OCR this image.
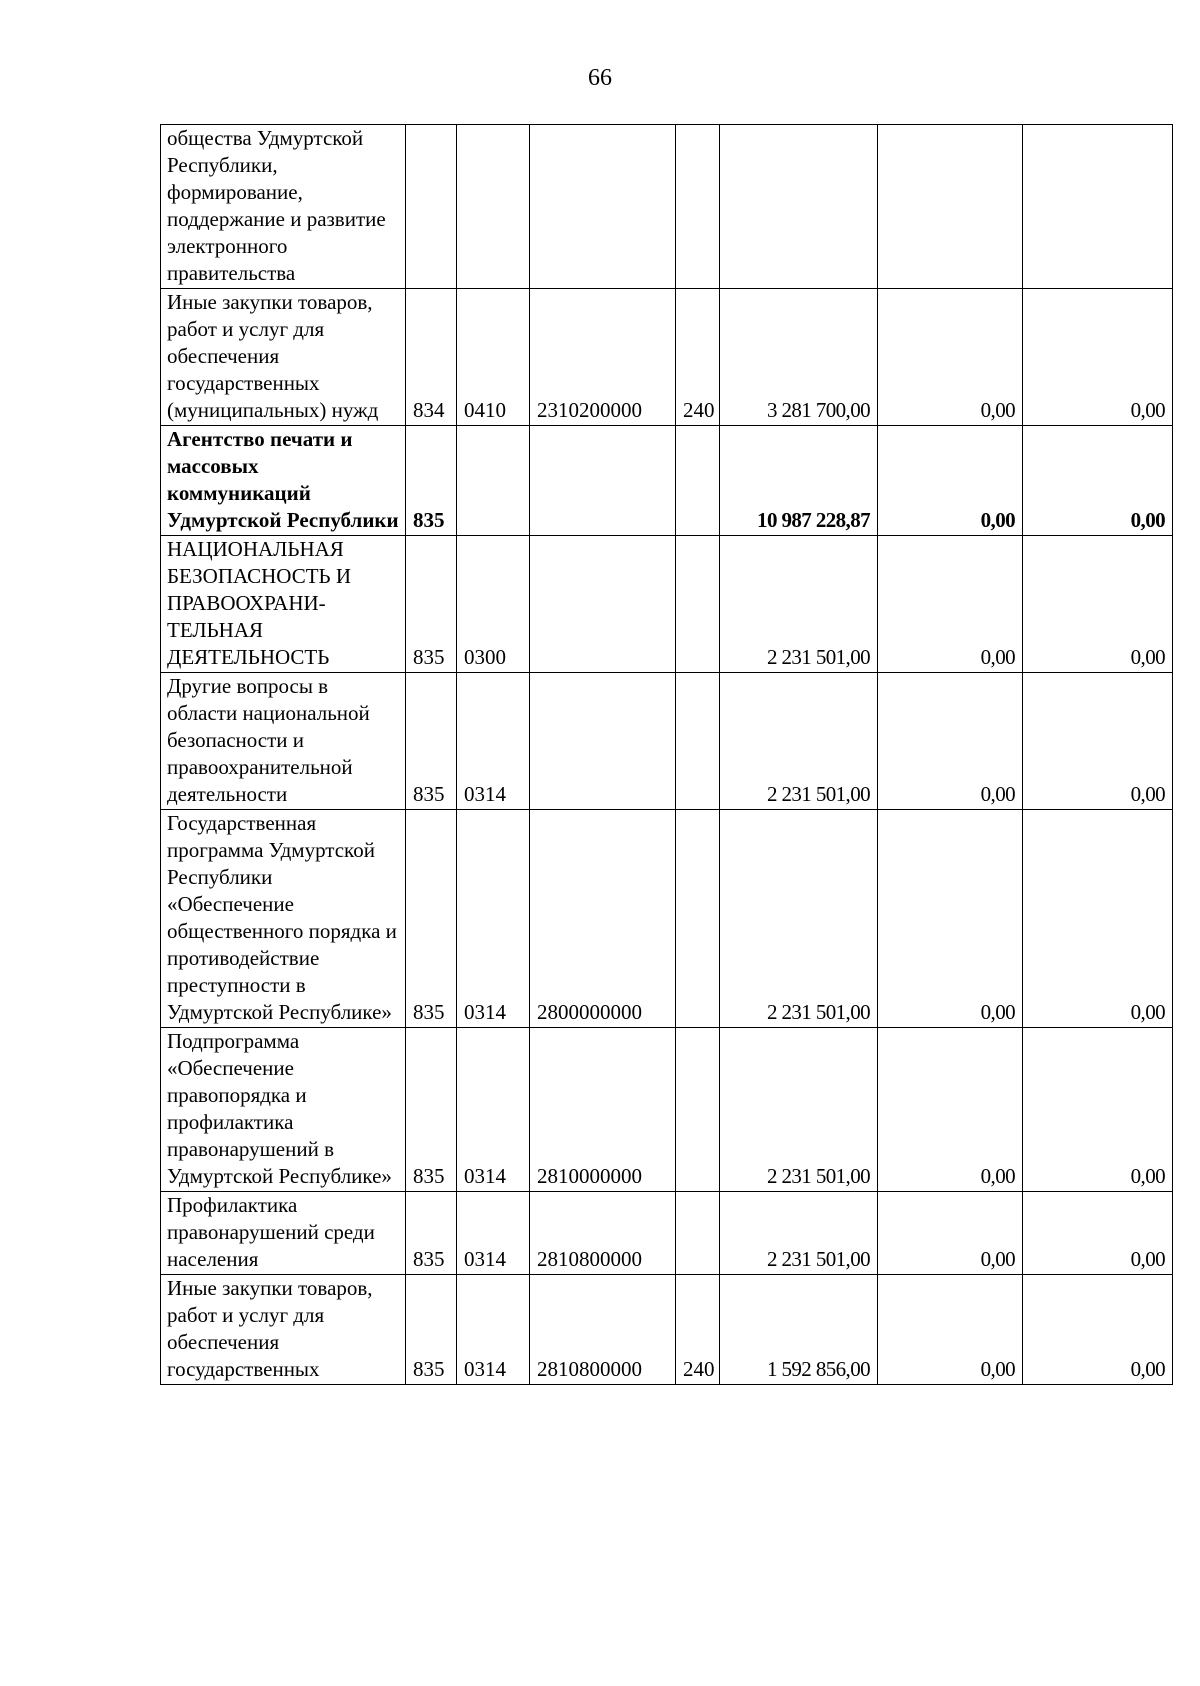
66
общества Удмуртской Республики, формирование, поддержание и развитие электронного правительства							
Иные закупки товаров, работ и услуг для обеспечения государственных (муниципальных) нужд	834	0410	2310200000	240	3 281 700,00	0,00	0,00
Агентство печати и массовых коммуникаций Удмуртской Республики	835				10 987 228,87	0,00	0,00
НАЦИОНАЛЬНАЯ БЕЗОПАСНОСТЬ И ПРАВООХРАНИ-ТЕЛЬНАЯ ДЕЯТЕЛЬНОСТЬ	835	0300			2 231 501,00	0,00	0,00
Другие вопросы в области национальной безопасности и правоохранительной деятельности	835	0314			2 231 501,00	0,00	0,00
Государственная программа Удмуртской Республики «Обеспечение общественного порядка и противодействие преступности в Удмуртской Республике»	835	0314	2800000000		2 231 501,00	0,00	0,00
Подпрограмма «Обеспечение правопорядка и профилактика правонарушений в Удмуртской Республике»	835	0314	2810000000		2 231 501,00	0,00	0,00
Профилактика правонарушений среди населения	835	0314	2810800000		2 231 501,00	0,00	0,00
Иные закупки товаров, работ и услуг для обеспечения государственных	835	0314	2810800000	240	1 592 856,00	0,00	0,00
